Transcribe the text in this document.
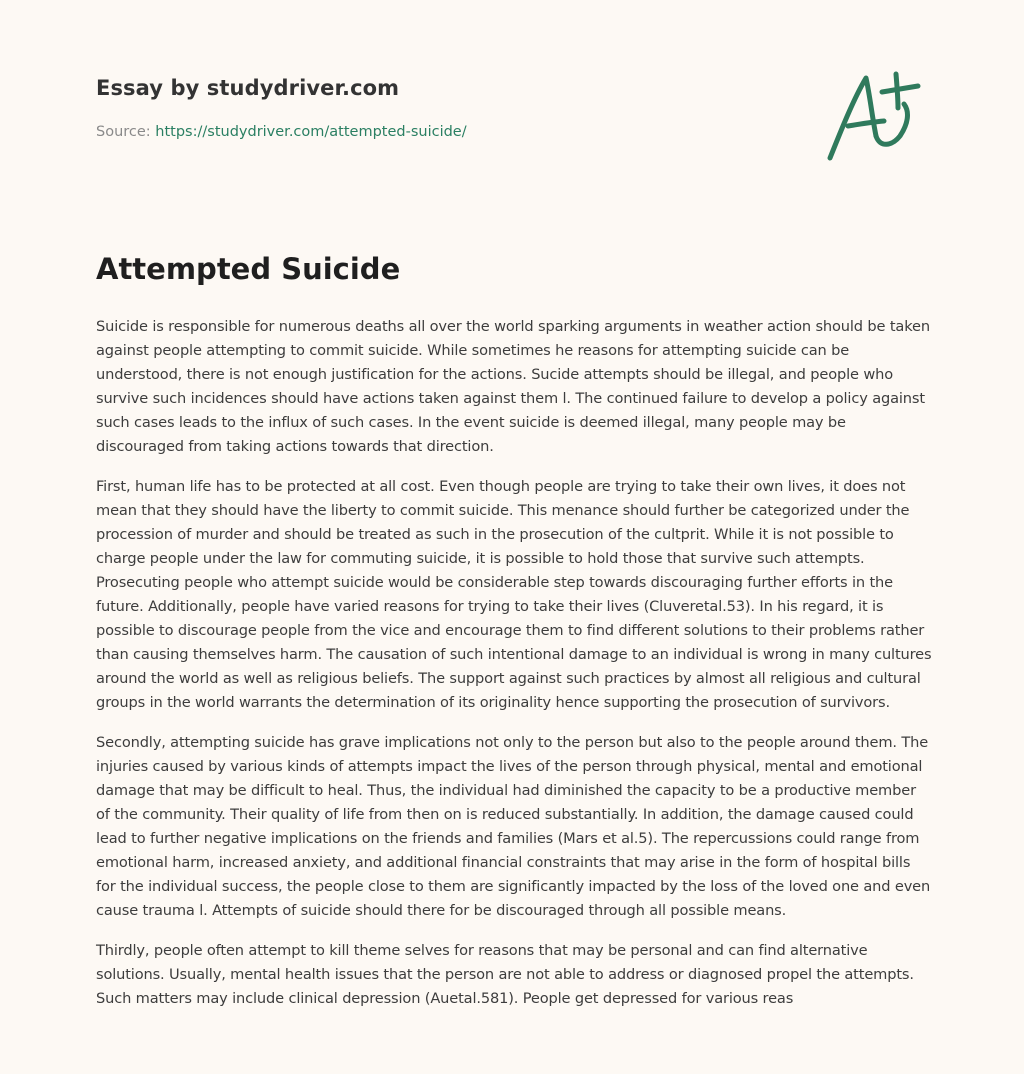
Essay by studydriver.com
Source: https://studydriver.com/attempted-suicide/
Attempted Suicide

Suicide is responsible for numerous deaths all over the world sparking arguments in weather action should be taken against people attempting to commit suicide. While sometimes he reasons for attempting suicide can be understood, there is not enough justification for the actions. Sucide attempts should be illegal, and people who survive such incidences should have actions taken against them l. The continued failure to develop a policy against such cases leads to the influx of such cases. In the event suicide is deemed illegal, many people may be discouraged from taking actions towards that direction.

First, human life has to be protected at all cost. Even though people are trying to take their own lives, it does not mean that they should have the liberty to commit suicide. This menance should further be categorized under the procession of murder and should be treated as such in the prosecution of the cultprit. While it is not possible to charge people under the law for commuting suicide, it is possible to hold those that survive such attempts. Prosecuting people who attempt suicide would be considerable step towards discouraging further efforts in the future. Additionally, people have varied reasons for trying to take their lives (Cluveretal.53). In his regard, it is possible to discourage people from the vice and encourage them to find different solutions to their problems rather than causing themselves harm. The causation of such intentional damage to an individual is wrong in many cultures around the world as well as religious beliefs. The support against such practices by almost all religious and cultural groups in the world warrants the determination of its originality hence supporting the prosecution of survivors.

Secondly, attempting suicide has grave implications not only to the person but also to the people around them. The injuries caused by various kinds of attempts impact the lives of the person through physical, mental and emotional damage that may be difficult to heal. Thus, the individual had diminished the capacity to be a productive member of the community. Their quality of life from then on is reduced substantially. In addition, the damage caused could lead to further negative implications on the friends and families (Mars et al.5). The repercussions could range from emotional harm, increased anxiety, and additional financial constraints that may arise in the form of hospital bills for the individual success, the people close to them are significantly impacted by the loss of the loved one and even cause trauma l. Attempts of suicide should there for be discouraged through all possible means.

Thirdly, people often attempt to kill theme selves for reasons that may be personal and can find alternative solutions. Usually, mental health issues that the person are not able to address or diagnosed propel the attempts. Such matters may include clinical depression (Auetal.581). People get depressed for various reas
